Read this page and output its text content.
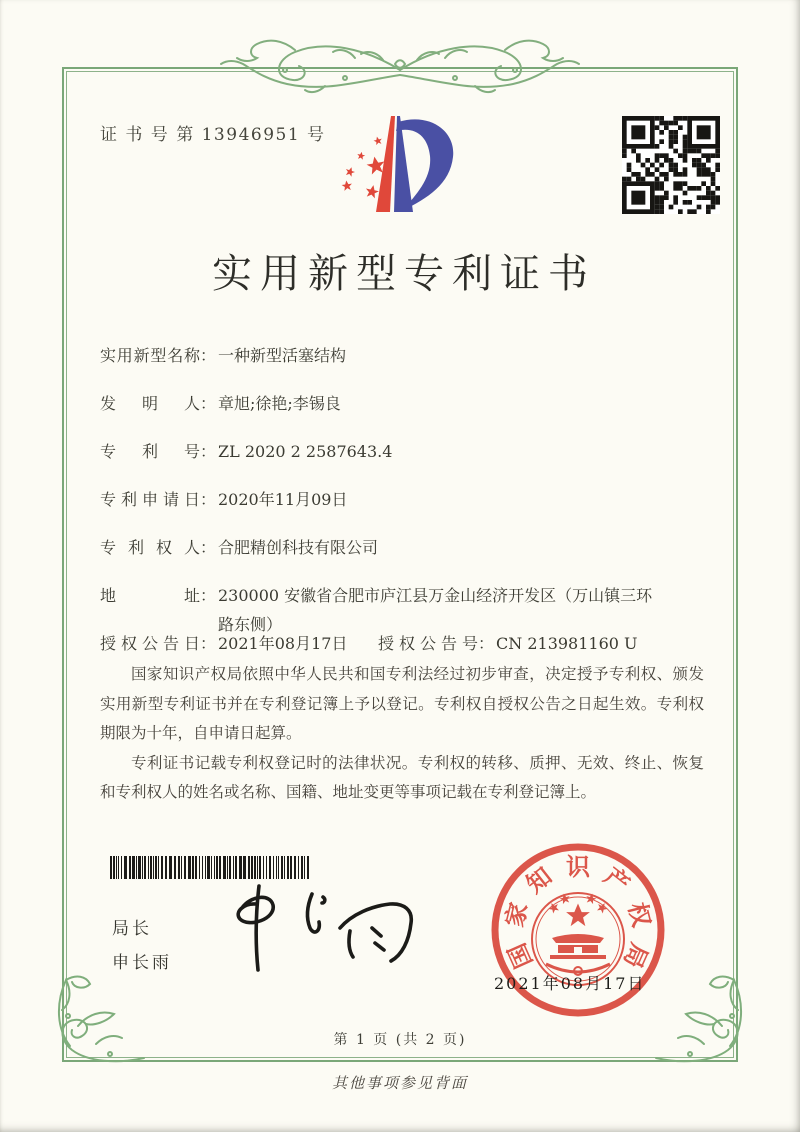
证 书 号 第 13946951 号
实用新型专利证书
实用新型名称 ： 一种新型活塞结构
发明人 ： 章旭;徐艳;李锡良
专利号 ： ZL 2020 2 2587643.4
专利申请日 ： 2020年11月09日
专利权人 ： 合肥精创科技有限公司
地址 ： 230000 安徽省合肥市庐江县万金山经济开发区（万山镇三环路东侧）
授权公告日 ： 2021年08月17日	授权公告号 ： CN 213981160 U

国家知识产权局依照中华人民共和国专利法经过初步审查，决定授予专利权、颁发实用新型专利证书并在专利登记簿上予以登记。专利权自授权公告之日起生效。专利权期限为十年，自申请日起算。

专利证书记载专利权登记时的法律状况。专利权的转移、质押、无效、终止、恢复和专利权人的姓名或名称、国籍、地址变更等事项记载在专利登记簿上。

局长
申长雨	国
家
知 识 产
权
局
2021年08月17日
第 1 页 (共 2 页)
其他事项参见背面
